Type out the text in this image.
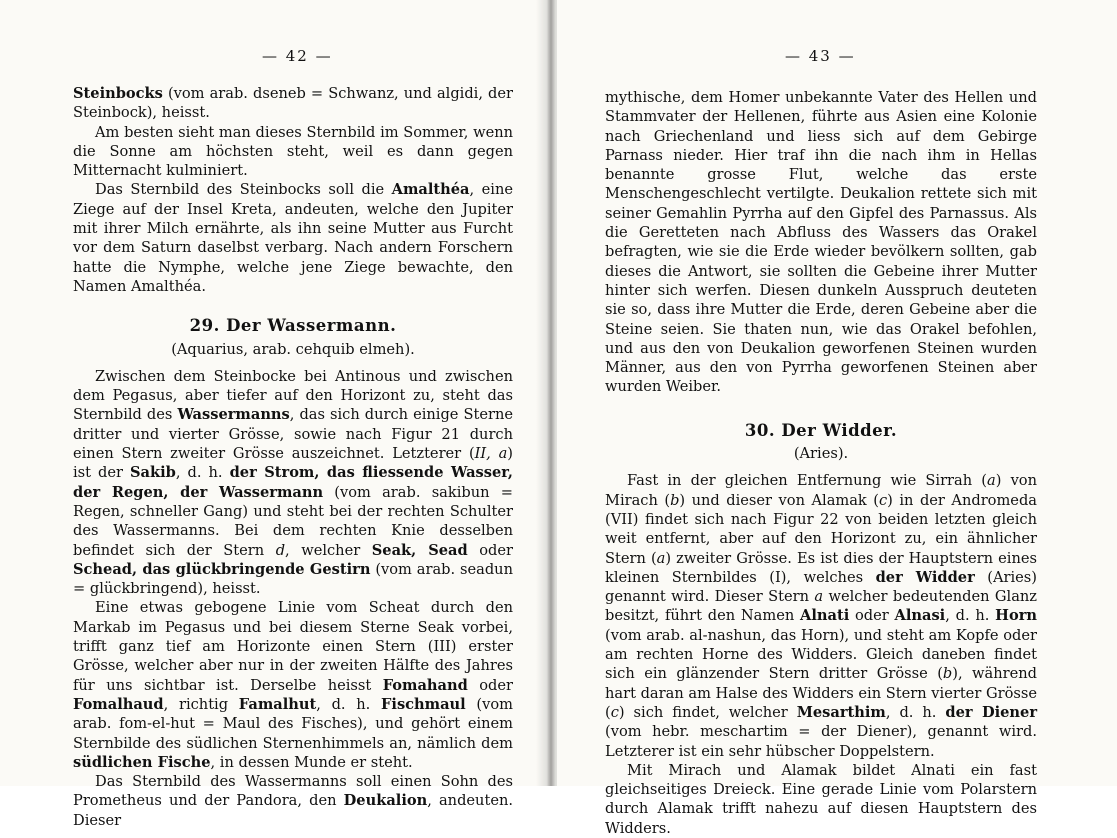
— 42 —

Steinbocks (vom arab. dseneb = Schwanz, und algidi, der Steinbock), heisst.

Am besten sieht man dieses Sternbild im Sommer, wenn die Sonne am höchsten steht, weil es dann gegen Mitternacht kulminiert.

Das Sternbild des Steinbocks soll die Amalthéa, eine Ziege auf der Insel Kreta, andeuten, welche den Jupiter mit ihrer Milch ernährte, als ihn seine Mutter aus Furcht vor dem Saturn daselbst verbarg. Nach andern Forschern hatte die Nymphe, welche jene Ziege bewachte, den Namen Amalthéa.

29. Der Wassermann.
(Aquarius, arab. cehquib elmeh).

Zwischen dem Steinbocke bei Antinous und zwischen dem Pegasus, aber tiefer auf den Horizont zu, steht das Sternbild des Wassermanns, das sich durch einige Sterne dritter und vierter Grösse, sowie nach Figur 21 durch einen Stern zweiter Grösse auszeichnet. Letzterer (II, a) ist der Sakib, d. h. der Strom, das fliessende Wasser, der Regen, der Wassermann (vom arab. sakibun = Regen, schneller Gang) und steht bei der rechten Schulter des Wassermanns. Bei dem rechten Knie desselben befindet sich der Stern d, welcher Seak, Sead oder Schead, das glückbringende Gestirn (vom arab. seadun = glückbringend), heisst.

Eine etwas gebogene Linie vom Scheat durch den Markab im Pegasus und bei diesem Sterne Seak vorbei, trifft ganz tief am Horizonte einen Stern (III) erster Grösse, welcher aber nur in der zweiten Hälfte des Jahres für uns sichtbar ist. Derselbe heisst Fomahand oder Fomalhaud, richtig Famalhut, d. h. Fischmaul (vom arab. fom-el-hut = Maul des Fisches), und gehört einem Sternbilde des südlichen Sternenhimmels an, nämlich dem südlichen Fische, in dessen Munde er steht.

Das Sternbild des Wassermanns soll einen Sohn des Prometheus und der Pandora, den Deukalion, andeuten. Dieser

— 43 —

mythische, dem Homer unbekannte Vater des Hellen und Stammvater der Hellenen, führte aus Asien eine Kolonie nach Griechenland und liess sich auf dem Gebirge Parnass nieder. Hier traf ihn die nach ihm in Hellas benannte grosse Flut, welche das erste Menschengeschlecht vertilgte. Deukalion rettete sich mit seiner Gemahlin Pyrrha auf den Gipfel des Parnassus. Als die Geretteten nach Abfluss des Wassers das Orakel befragten, wie sie die Erde wieder bevölkern sollten, gab dieses die Antwort, sie sollten die Gebeine ihrer Mutter hinter sich werfen. Diesen dunkeln Ausspruch deuteten sie so, dass ihre Mutter die Erde, deren Gebeine aber die Steine seien. Sie thaten nun, wie das Orakel befohlen, und aus den von Deukalion geworfenen Steinen wurden Männer, aus den von Pyrrha geworfenen Steinen aber wurden Weiber.

30. Der Widder.
(Aries).

Fast in der gleichen Entfernung wie Sirrah (a) von Mirach (b) und dieser von Alamak (c) in der Andromeda (VII) findet sich nach Figur 22 von beiden letzten gleich weit entfernt, aber auf den Horizont zu, ein ähnlicher Stern (a) zweiter Grösse. Es ist dies der Hauptstern eines kleinen Sternbildes (I), welches der Widder (Aries) genannt wird. Dieser Stern a welcher bedeutenden Glanz besitzt, führt den Namen Alnati oder Alnasi, d. h. Horn (vom arab. al-nashun, das Horn), und steht am Kopfe oder am rechten Horne des Widders. Gleich daneben findet sich ein glänzender Stern dritter Grösse (b), während hart daran am Halse des Widders ein Stern vierter Grösse (c) sich findet, welcher Mesarthim, d. h. der Diener (vom hebr. meschartim = der Diener), genannt wird. Letzterer ist ein sehr hübscher Doppelstern.

Mit Mirach und Alamak bildet Alnati ein fast gleichseitiges Dreieck. Eine gerade Linie vom Polarstern durch Alamak trifft nahezu auf diesen Hauptstern des Widders.
